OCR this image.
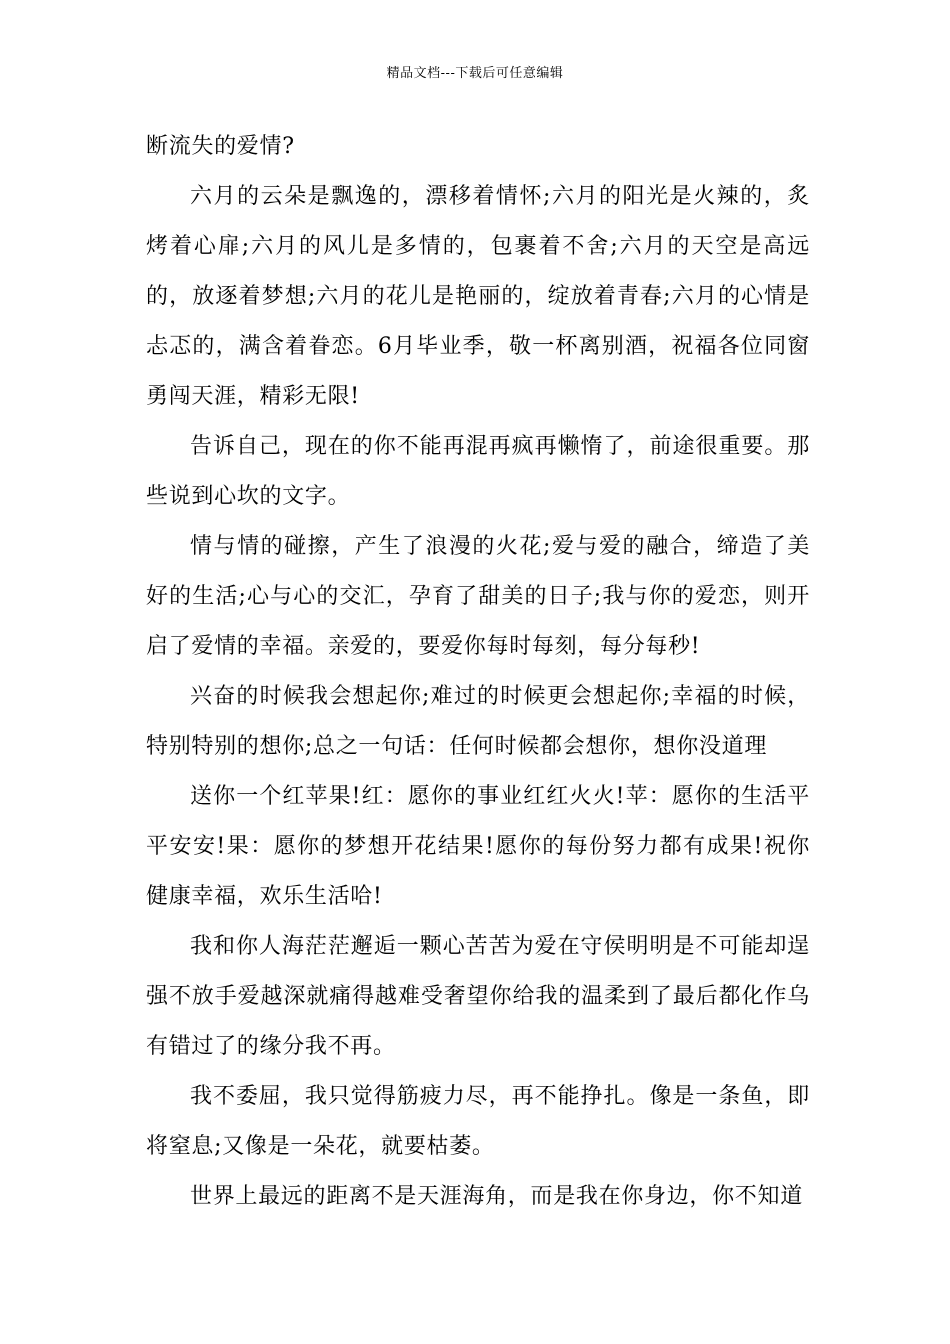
精品文档---下载后可任意编辑

断流失的爱情?

六月的云朵是飘逸的，漂移着情怀;六月的阳光是火辣的，炙烤着心扉;六月的风儿是多情的，包裹着不舍;六月的天空是高远的，放逐着梦想;六月的花儿是艳丽的，绽放着青春;六月的心情是忐忑的，满含着眷恋。6月毕业季，敬一杯离别酒，祝福各位同窗勇闯天涯，精彩无限!

告诉自己，现在的你不能再混再疯再懒惰了，前途很重要。那些说到心坎的文字。

情与情的碰擦，产生了浪漫的火花;爱与爱的融合，缔造了美好的生活;心与心的交汇，孕育了甜美的日子;我与你的爱恋，则开启了爱情的幸福。亲爱的，要爱你每时每刻，每分每秒!

兴奋的时候我会想起你;难过的时候更会想起你;幸福的时候，特别特别的想你;总之一句话：任何时候都会想你，想你没道理

送你一个红苹果!红：愿你的事业红红火火!苹：愿你的生活平平安安!果：愿你的梦想开花结果!愿你的每份努力都有成果!祝你健康幸福，欢乐生活哈!

我和你人海茫茫邂逅一颗心苦苦为爱在守侯明明是不可能却逞强不放手爱越深就痛得越难受奢望你给我的温柔到了最后都化作乌有错过了的缘分我不再。

我不委屈，我只觉得筋疲力尽，再不能挣扎。像是一条鱼，即将窒息;又像是一朵花，就要枯萎。

世界上最远的距离不是天涯海角，而是我在你身边，你不知道
